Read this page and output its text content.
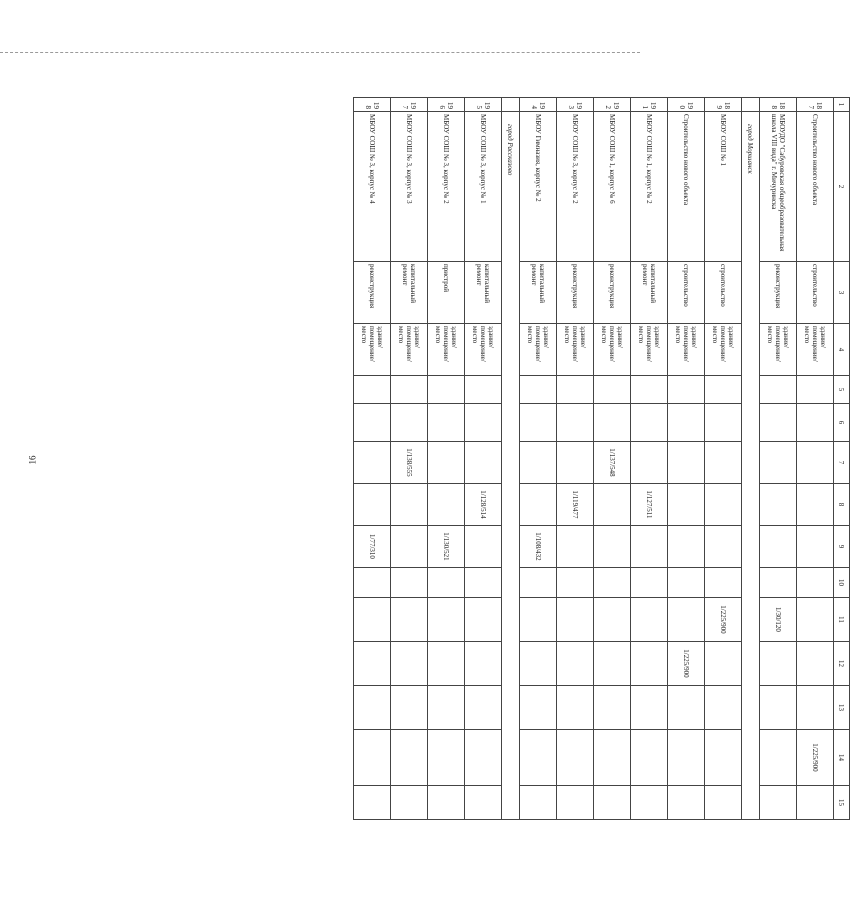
16
1	2	3	4	5	6	7	8	9	10	11	12	13	14	15
187	Строительство нового объекта	строительство	здание/ помещение/ место										1/225/900	
188	МБОУДО "Сабуровская общеобразовательная школа VIII вида" г. Мичуринска	реконструкция	здание/ помещение/ место							1/30/120				
	город Моршанск													
189	МБОУ СОШ № 1	строительство	здание/ помещение/ место							1/225/900				
190	Строительство нового объекта	строительство	здание/ помещение/ место								1/225/900			
191	МБОУ СОШ № 1, корпус № 2	капитальный ремонт	здание/ помещение/ место				1/127/511							
192	МБОУ СОШ № 1, корпус № 6	реконструкция	здание/ помещение/ место			1/137/548								
193	МБОУ СОШ № 3, корпус № 2	реконструкция	здание/ помещение/ место				1/119/477							
194	МБОУ Гимназия, корпус № 2	капитальный ремонт	здание/ помещение/ место					1/108/432						
	город Рассказово													
195	МБОУ СОШ № 3, корпус № 1	капитальный ремонт	здание/ помещение/ место				1/128/514							
196	МБОУ СОШ № 3, корпус № 2	пристрой	здание/ помещение/ место					1/130/521						
197	МБОУ СОШ № 3, корпус № 3	капитальный ремонт	здание/ помещение/ место			1/138/555								
198	МБОУ СОШ № 3, корпус № 4	реконструкция	здание/ помещение/ место					1/77/310						
